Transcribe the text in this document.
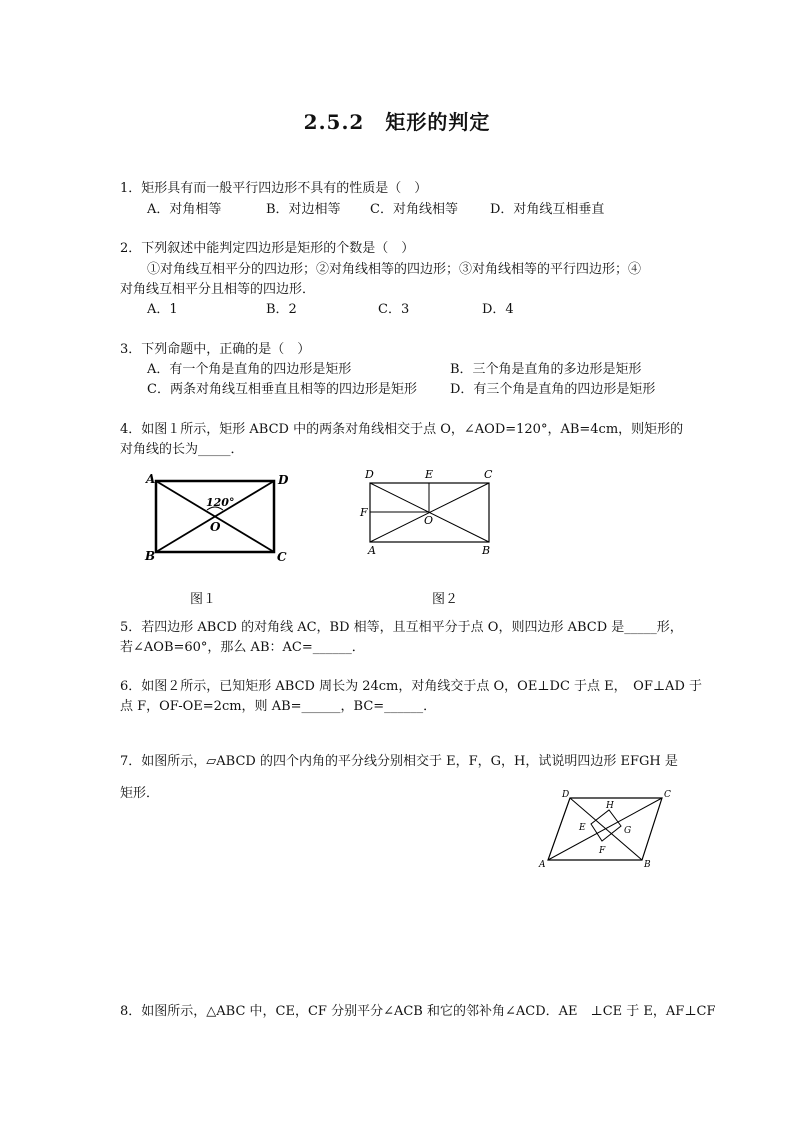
2.5.2　矩形的判定
1．矩形具有而一般平行四边形不具有的性质是（　）
A．对角相等	B．对边相等 C．对角线相等 D．对角线互相垂直
2．下列叙述中能判定四边形是矩形的个数是（　）
①对角线互相平分的四边形；②对角线相等的四边形；③对角线相等的平行四边形；④
对角线互相平分且相等的四边形．
A．1	B．2	C．3	D．4
3．下列命题中，正确的是（　）
A．有一个角是直角的四边形是矩形	B．三个角是直角的多边形是矩形
C．两条对角线互相垂直且相等的四边形是矩形	D．有三个角是直角的四边形是矩形
4．如图１所示，矩形 ABCD 中的两条对角线相交于点 O，∠AOD=120°，AB=4cm，则矩形的
对角线的长为_____．
A	D
B	C
O
120°
D	E	C
F
O
A	B
图１	图２
5．若四边形 ABCD 的对角线 AC，BD 相等，且互相平分于点 O，则四边形 ABCD 是_____形，
若∠AOB=60°，那么 AB：AC=______．
6．如图２所示，已知矩形 ABCD 周长为 24cm，对角线交于点 O，OE⊥DC 于点 E，　OF⊥AD 于
点 F，OF-OE=2cm，则 AB=______，BC=______．
7．如图所示，▱ABCD 的四个内角的平分线分别相交于 E，F，G，H，试说明四边形 EFGH 是
矩形．	D	C
A	B
E
F
G
H
8．如图所示，△ABC 中，CE，CF 分别平分∠ACB 和它的邻补角∠ACD．AE　⊥CE 于 E，AF⊥CF
